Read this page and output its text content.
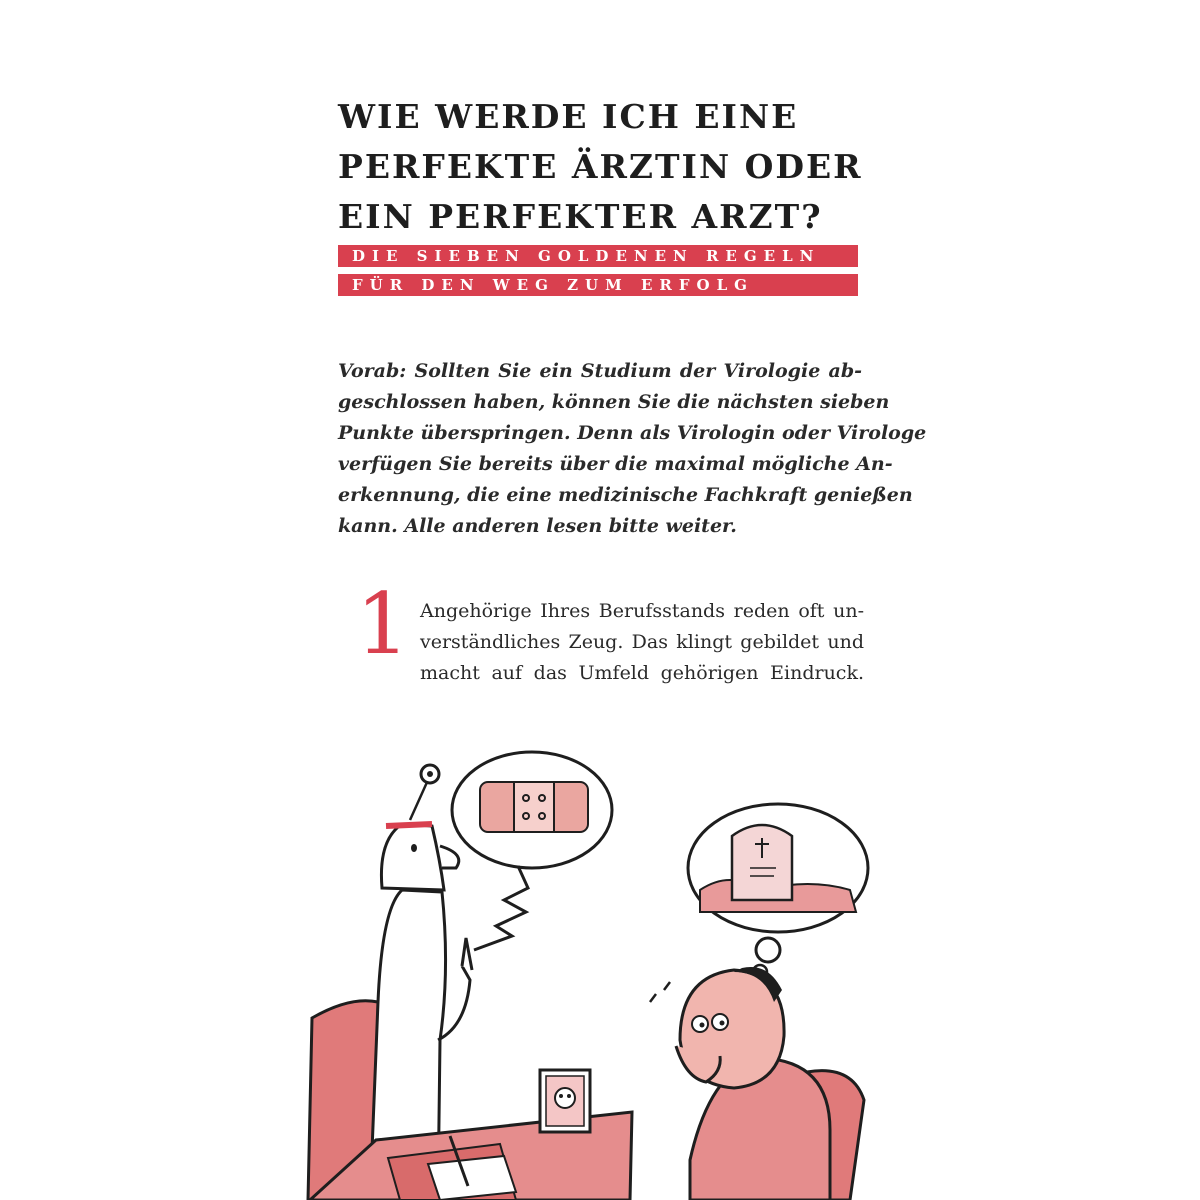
WIE WERDE ICH EINE
PERFEKTE ÄRZTIN ODER
EIN PERFEKTER ARZT?
DIE SIEBEN GOLDENEN REGELN
FÜR DEN WEG ZUM ERFOLG

Vorab: Sollten Sie ein Studium der Virologie ab-
geschlossen haben, können Sie die nächsten sieben
Punkte überspringen. Denn als Virologin oder Virologe
verfügen Sie bereits über die maximal mögliche An-
erkennung, die eine medizinische Fachkraft genießen
kann. Alle anderen lesen bitte weiter.

1 Angehörige Ihres Berufsstands reden oft un-
verständliches Zeug. Das klingt gebildet und
macht auf das Umfeld gehörigen Eindruck.
